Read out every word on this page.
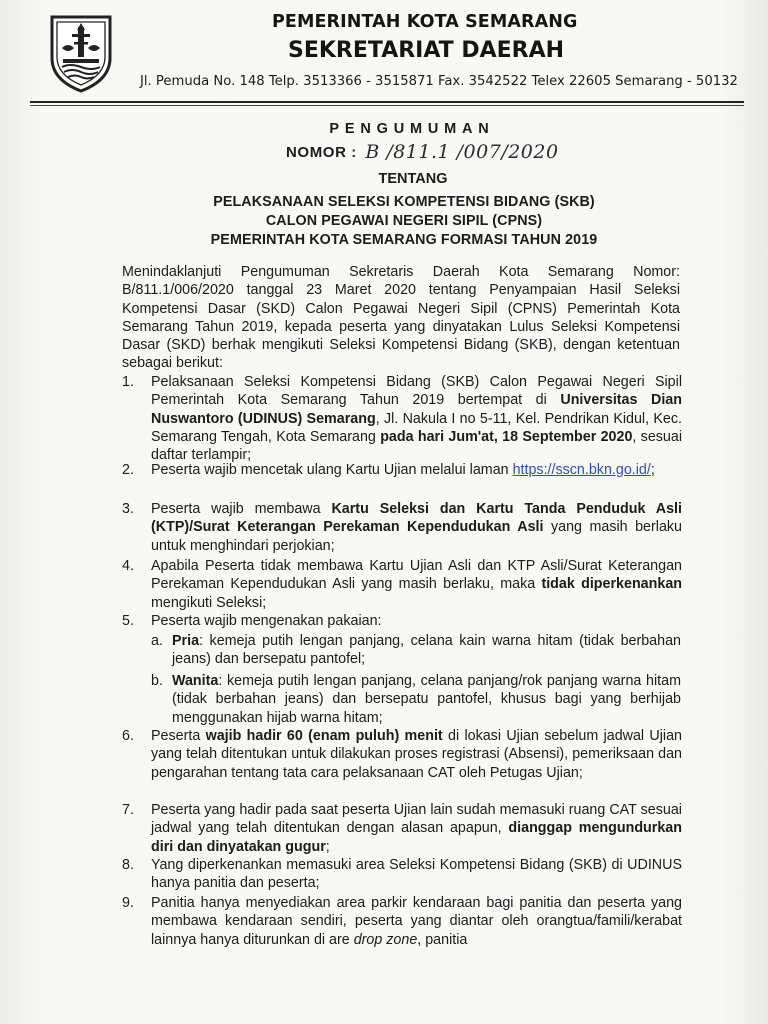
PEMERINTAH KOTA SEMARANG
SEKRETARIAT DAERAH
Jl. Pemuda No. 148 Telp. 3513366 - 3515871 Fax. 3542522 Telex 22605 Semarang - 50132
PENGUMUMAN
NOMOR : B /811.1 /007/2020
TENTANG
PELAKSANAAN SELEKSI KOMPETENSI BIDANG (SKB)
CALON PEGAWAI NEGERI SIPIL (CPNS)
PEMERINTAH KOTA SEMARANG FORMASI TAHUN 2019

Menindaklanjuti Pengumuman Sekretaris Daerah Kota Semarang Nomor: B/811.1/006/2020 tanggal 23 Maret 2020 tentang Penyampaian Hasil Seleksi Kompetensi Dasar (SKD) Calon Pegawai Negeri Sipil (CPNS) Pemerintah Kota Semarang Tahun 2019, kepada peserta yang dinyatakan Lulus Seleksi Kompetensi Dasar (SKD) berhak mengikuti Seleksi Kompetensi Bidang (SKB), dengan ketentuan sebagai berikut:

1.	Pelaksanaan Seleksi Kompetensi Bidang (SKB) Calon Pegawai Negeri Sipil Pemerintah Kota Semarang Tahun 2019 bertempat di Universitas Dian Nuswantoro (UDINUS) Semarang, Jl. Nakula I no 5-11, Kel. Pendrikan Kidul, Kec. Semarang Tengah, Kota Semarang pada hari Jum'at, 18 September 2020, sesuai daftar terlampir;
2.	Peserta wajib mencetak ulang Kartu Ujian melalui laman https://sscn.bkn.go.id/;
3.	Peserta wajib membawa Kartu Seleksi dan Kartu Tanda Penduduk Asli (KTP)/Surat Keterangan Perekaman Kependudukan Asli yang masih berlaku untuk menghindari perjokian;
4.	Apabila Peserta tidak membawa Kartu Ujian Asli dan KTP Asli/Surat Keterangan Perekaman Kependudukan Asli yang masih berlaku, maka tidak diperkenankan mengikuti Seleksi;
5.	Peserta wajib mengenakan pakaian:
a. Pria: kemeja putih lengan panjang, celana kain warna hitam (tidak berbahan jeans) dan bersepatu pantofel;
b. Wanita: kemeja putih lengan panjang, celana panjang/rok panjang warna hitam (tidak berbahan jeans) dan bersepatu pantofel, khusus bagi yang berhijab menggunakan hijab warna hitam;
6.	Peserta wajib hadir 60 (enam puluh) menit di lokasi Ujian sebelum jadwal Ujian yang telah ditentukan untuk dilakukan proses registrasi (Absensi), pemeriksaan dan pengarahan tentang tata cara pelaksanaan CAT oleh Petugas Ujian;
7.	Peserta yang hadir pada saat peserta Ujian lain sudah memasuki ruang CAT sesuai jadwal yang telah ditentukan dengan alasan apapun, dianggap mengundurkan diri dan dinyatakan gugur;
8.	Yang diperkenankan memasuki area Seleksi Kompetensi Bidang (SKB) di UDINUS hanya panitia dan peserta;
9.	Panitia hanya menyediakan area parkir kendaraan bagi panitia dan peserta yang membawa kendaraan sendiri, peserta yang diantar oleh orangtua/famili/kerabat lainnya hanya diturunkan di are drop zone, panitia
